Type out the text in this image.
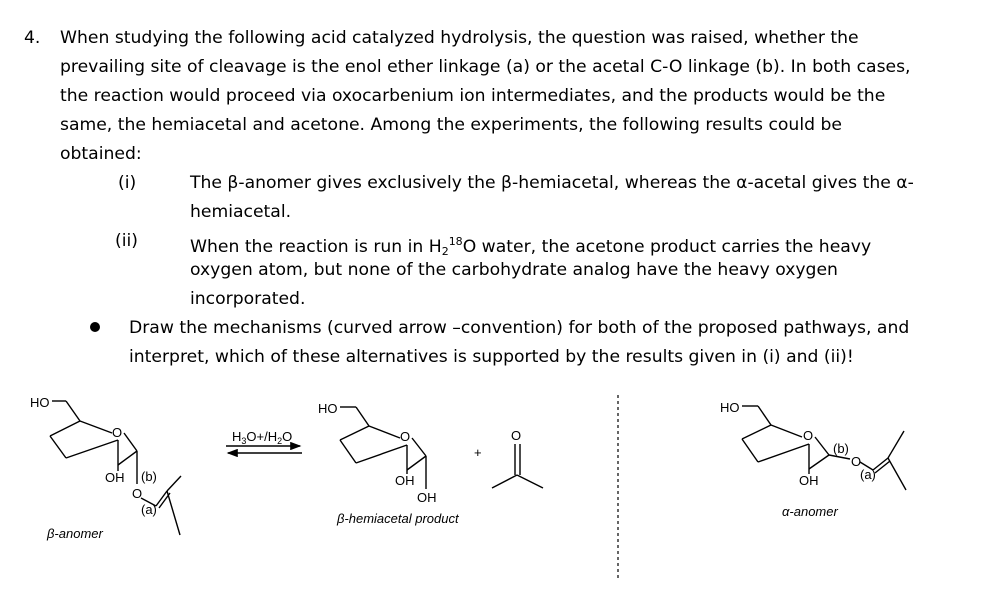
4. When studying the following acid catalyzed hydrolysis, the question was raised, whether the
prevailing site of cleavage is the enol ether linkage (a) or the acetal C-O linkage (b). In both cases,
the reaction would proceed via oxocarbenium ion intermediates, and the products would be the
same, the hemiacetal and acetone. Among the experiments, the following results could be
obtained:
(i)	The β-anomer gives exclusively the β-hemiacetal, whereas the α-acetal gives the α-
hemiacetal.
(ii)	When the reaction is run in $H_2^{18}O$ water, the acetone product carries the heavy
oxygen atom, but none of the carbohydrate analog have the heavy oxygen
incorporated.
Draw the mechanisms (curved arrow –convention) for both of the proposed pathways, and
interpret, which of these alternatives is supported by the results given in (i) and (ii)!
HO
O
OH (b)
O
(a)
β-anomer
$H_3O+/H_2O$
HO
O
OH
OH
+
β-hemiacetal product
O
HO
O
OH
(b)
O
(a)
α-anomer
